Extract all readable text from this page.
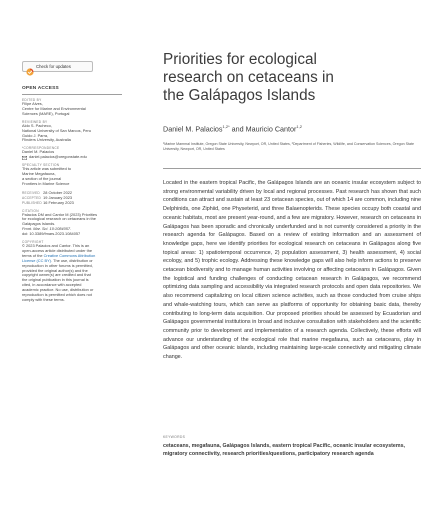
Check for updates
OPEN ACCESS
EDITED BY
Filipe Alves,
Centre for Marine and Environmental
Sciences (MARE), Portugal
REVIEWED BY
Aldo S. Pacheco,
National University of San Marcos, Peru
Guido J. Parra,
Flinders University, Australia
*CORRESPONDENCE
Daniel M. Palacios
daniel.palacios@oregonstate.edu
SPECIALTY SECTION
This article was submitted to
Marine Megafauna,
a section of the journal
Frontiers in Marine Science
RECEIVED 28 October 2022
ACCEPTED 19 January 2023
PUBLISHED 16 February 2023
CITATION
Palacios DM and Cantor M (2023) Priorities
for ecological research on cetaceans in the
Galápagos Islands.
Front. Mar. Sci. 10:1084057.
doi: 10.3389/fmars.2023.1084057
COPYRIGHT
© 2023 Palacios and Cantor. This is an
open-access article distributed under the
terms of the Creative Commons Attribution
License (CC BY). The use, distribution or
reproduction in other forums is permitted,
provided the original author(s) and the
copyright owner(s) are credited and that
the original publication in this journal is
cited, in accordance with accepted
academic practice. No use, distribution or
reproduction is permitted which does not
comply with these terms.
Priorities for ecological
research on cetaceans in
the Galápagos Islands
Daniel M. Palacios$^{1,2*}$ and Mauricio Cantor$^{1,2}$
¹Marine Mammal Institute, Oregon State University, Newport, OR, United States, ²Department of Fisheries, Wildlife, and Conservation Sciences, Oregon State University, Newport, OR, United States

Located in the eastern tropical Pacific, the Galápagos Islands are an oceanic insular ecosystem subject to strong environmental variability driven by local and regional processes. Past research has shown that such conditions can attract and sustain at least 23 cetacean species, out of which 14 are common, including nine Delphinids, one Ziphiid, one Physeterid, and three Balaenopterids. These species occupy both coastal and oceanic habitats, most are present year-round, and a few are migratory. However, research on cetaceans in Galápagos has been sporadic and chronically underfunded and is not currently considered a priority in the research agenda for Galápagos. Based on a review of existing information and an assessment of knowledge gaps, here we identify priorities for ecological research on cetaceans in Galápagos along five topical areas: 1) spatiotemporal occurrence, 2) population assessment, 3) health assessment, 4) social ecology, and 5) trophic ecology. Addressing these knowledge gaps will also help inform actions to preserve cetacean biodiversity and to manage human activities involving or affecting cetaceans in Galápagos. Given the logistical and funding challenges of conducting cetacean research in Galápagos, we recommend optimizing data sampling and accessibility via integrated research protocols and open data repositories. We also recommend capitalizing on local citizen science activities, such as those conducted from cruise ships and whale-watching tours, which can serve as platforms of opportunity for obtaining basic data, thereby contributing to long-term data acquisition. Our proposed priorities should be assessed by Ecuadorian and Galápagos governmental institutions in broad and inclusive consultation with stakeholders and the scientific community prior to development and implementation of a research agenda. Collectively, these efforts will advance our understanding of the ecological role that marine megafauna, such as cetaceans, play in Galápagos and other oceanic islands, including maintaining large-scale connectivity and mitigating climate change.

KEYWORDS
cetaceans, megafauna, Galápagos Islands, eastern tropical Pacific, oceanic insular ecosystems, migratory connectivity, research priorities/questions, participatory research agenda
